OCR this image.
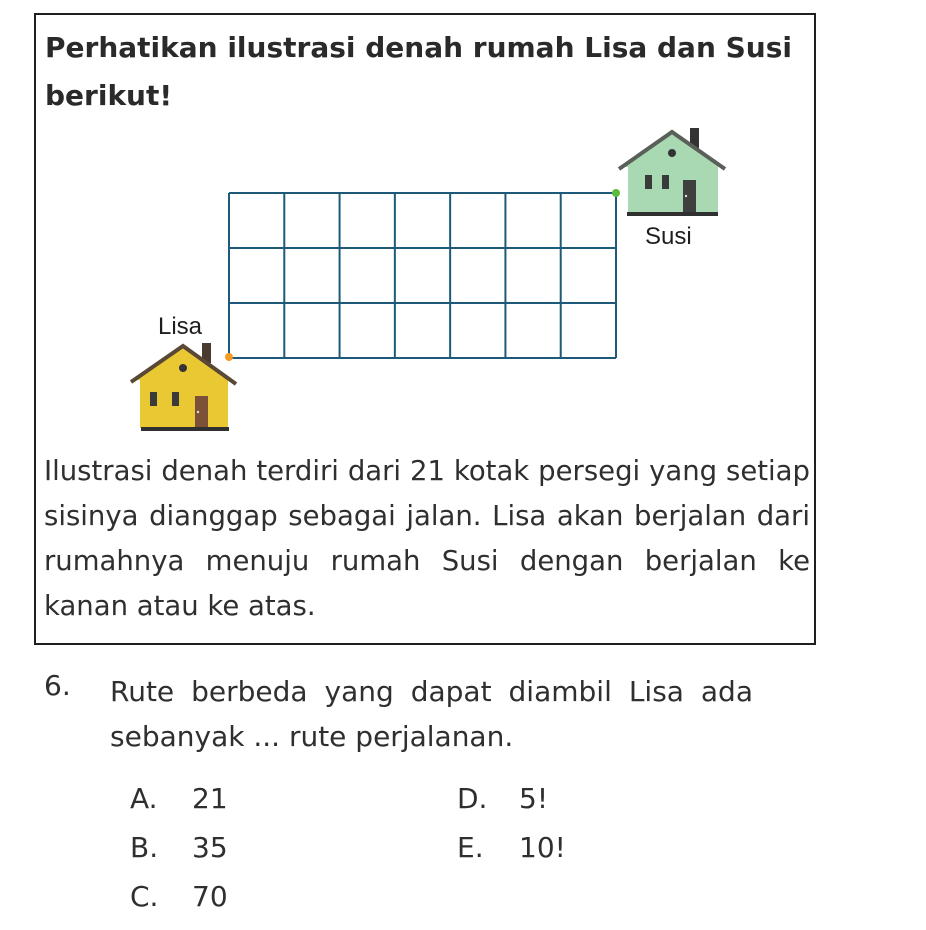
Perhatikan ilustrasi denah rumah Lisa dan Susi berikut!
Lisa
Susi
Ilustrasi denah terdiri dari 21 kotak persegi yang setiap sisinya dianggap sebagai jalan. Lisa akan berjalan dari rumahnya menuju rumah Susi dengan berjalan ke kanan atau ke atas.
6. Rute berbeda yang dapat diambil Lisa ada sebanyak ... rute perjalanan.
A.	21
B.	35
C.	70
D.	5!
E.	10!
